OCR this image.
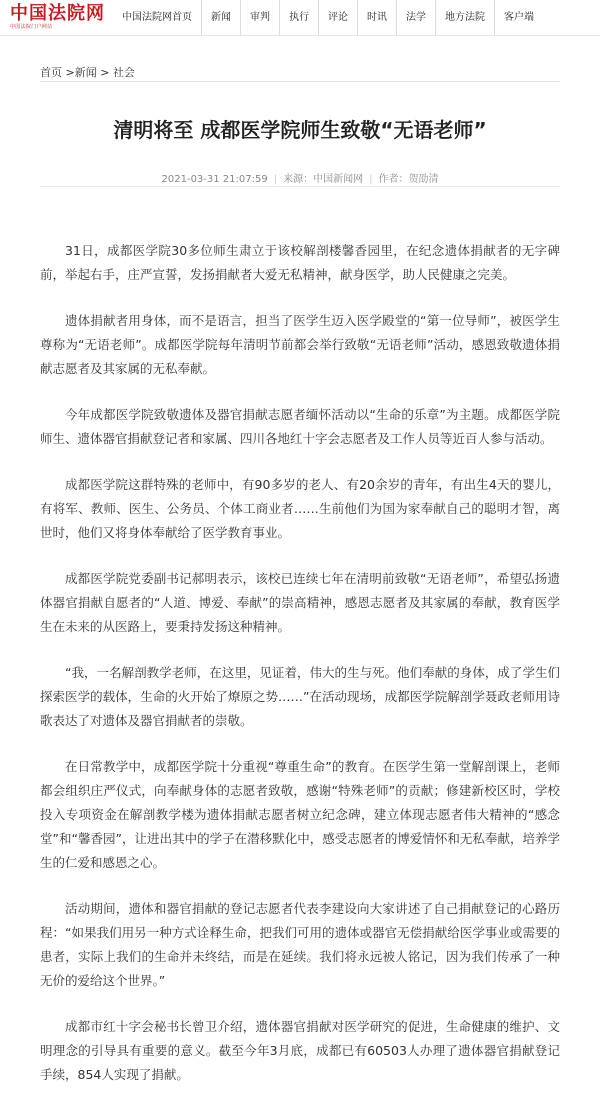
中国法院网
中国法院门户网站
中国法院网首页	新闻	审判	执行	评论	时讯	法学	地方法院	客户端
首页 >新闻 > 社会
清明将至 成都医学院师生致敬“无语老师”
2021-03-31 21:07:59 | 来源：中国新闻网 | 作者：贺劭清

31日，成都医学院30多位师生肃立于该校解剖楼馨香园里，在纪念遗体捐献者的无字碑前，举起右手，庄严宣誓，发扬捐献者大爱无私精神，献身医学，助人民健康之完美。

遗体捐献者用身体，而不是语言，担当了医学生迈入医学殿堂的“第一位导师”，被医学生尊称为“无语老师”。成都医学院每年清明节前都会举行致敬“无语老师”活动，感恩致敬遗体捐献志愿者及其家属的无私奉献。

今年成都医学院致敬遗体及器官捐献志愿者缅怀活动以“生命的乐章”为主题。成都医学院师生、遗体器官捐献登记者和家属、四川各地红十字会志愿者及工作人员等近百人参与活动。

成都医学院这群特殊的老师中，有90多岁的老人、有20余岁的青年，有出生4天的婴儿，有将军、教师、医生、公务员、个体工商业者……生前他们为国为家奉献自己的聪明才智，离世时，他们又将身体奉献给了医学教育事业。

成都医学院党委副书记郝明表示，该校已连续七年在清明前致敬“无语老师”，希望弘扬遗体器官捐献自愿者的“人道、博爱、奉献”的崇高精神，感恩志愿者及其家属的奉献，教育医学生在未来的从医路上，要秉持发扬这种精神。

“我，一名解剖教学老师，在这里，见证着，伟大的生与死。他们奉献的身体，成了学生们探索医学的载体，生命的火开始了燎原之势……”在活动现场，成都医学院解剖学聂政老师用诗歌表达了对遗体及器官捐献者的崇敬。

在日常教学中，成都医学院十分重视“尊重生命”的教育。在医学生第一堂解剖课上，老师都会组织庄严仪式，向奉献身体的志愿者致敬，感谢“特殊老师”的贡献；修建新校区时，学校投入专项资金在解剖教学楼为遗体捐献志愿者树立纪念碑，建立体现志愿者伟大精神的“感念堂”和“馨香园”，让进出其中的学子在潜移默化中，感受志愿者的博爱情怀和无私奉献，培养学生的仁爱和感恩之心。

活动期间，遗体和器官捐献的登记志愿者代表李建设向大家讲述了自己捐献登记的心路历程：“如果我们用另一种方式诠释生命，把我们可用的遗体或器官无偿捐献给医学事业或需要的患者，实际上我们的生命并未终结，而是在延续。我们将永远被人铭记，因为我们传承了一种无价的爱给这个世界。”

成都市红十字会秘书长曾卫介绍，遗体器官捐献对医学研究的促进，生命健康的维护、文明理念的引导具有重要的意义。截至今年3月底，成都已有60503人办理了遗体器官捐献登记手续，854人实现了捐献。
